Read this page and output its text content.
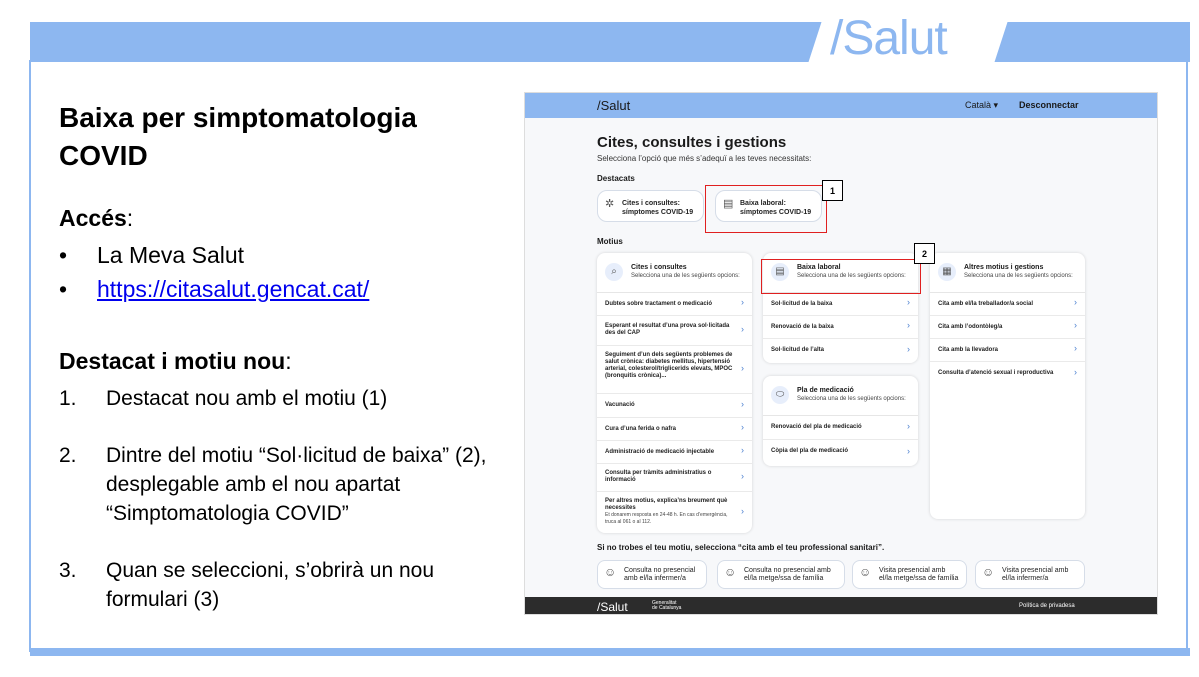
/Salut
Baixa per simptomatologia COVID
Accés:
• La Meva Salut
• https://citasalut.gencat.cat/
Destacat i motiu nou:
1. Destacat nou amb el motiu (1)
2. Dintre del motiu “Sol·licitud de baixa” (2), desplegable amb el nou apartat “Simptomatologia COVID”
3. Quan se seleccioni, s’obrirà un nou formulari (3)
/Salut	Català ▾ Desconnectar
Cites, consultes i gestions
Selecciona l’opció que més s’adequï a les teves necessitats:
Destacats
✲ Cites i consultes:
símptomes COVID-19
▤ Baixa laboral:
símptomes COVID-19
Motius
⌕	Cites i consultes
Selecciona una de les següents opcions:
Dubtes sobre tractament o medicació	›
Esperant el resultat d’una prova sol·licitada des del CAP	›
Seguiment d’un dels següents problemes de salut crònica: diabetes mellitus, hipertensió arterial, colesterol/triglicerids elevats, MPOC (bronquitis crònica)...
›
Vacunació	›
Cura d’una ferida o nafra	›
Administració de medicació injectable	›
Consulta per tràmits administratius o informació	›
Per altres motius, explica’ns breument què necessites
Et donarem resposta en 24-48 h. En cas d’emergència, truca al 061 o al 112.
›
▤	Baixa laboral
Selecciona una de les següents opcions:
Sol·licitud de la baixa	›
Renovació de la baixa	›
Sol·licitud de l’alta	›
⬭	Pla de medicació
Selecciona una de les següents opcions:
Renovació del pla de medicació	›
Còpia del pla de medicació	›
▦	Altres motius i gestions
Selecciona una de les següents opcions:
Cita amb el/la treballador/a social	›
Cita amb l’odontòleg/a	›
Cita amb la llevadora	›
Consulta d’atenció sexual i reproductiva ›
Si no trobes el teu motiu, selecciona “cita amb el teu professional sanitari”.
☺ Consulta no presencial
amb el/la infermer/a	☺ Consulta no presencial amb
el/la metge/ssa de família	☺ Visita presencial amb
el/la metge/ssa de família	☺ Visita presencial amb
el/la infermer/a
/Salut	Generalitat
de Catalunya	Política de privadesa
1
2
